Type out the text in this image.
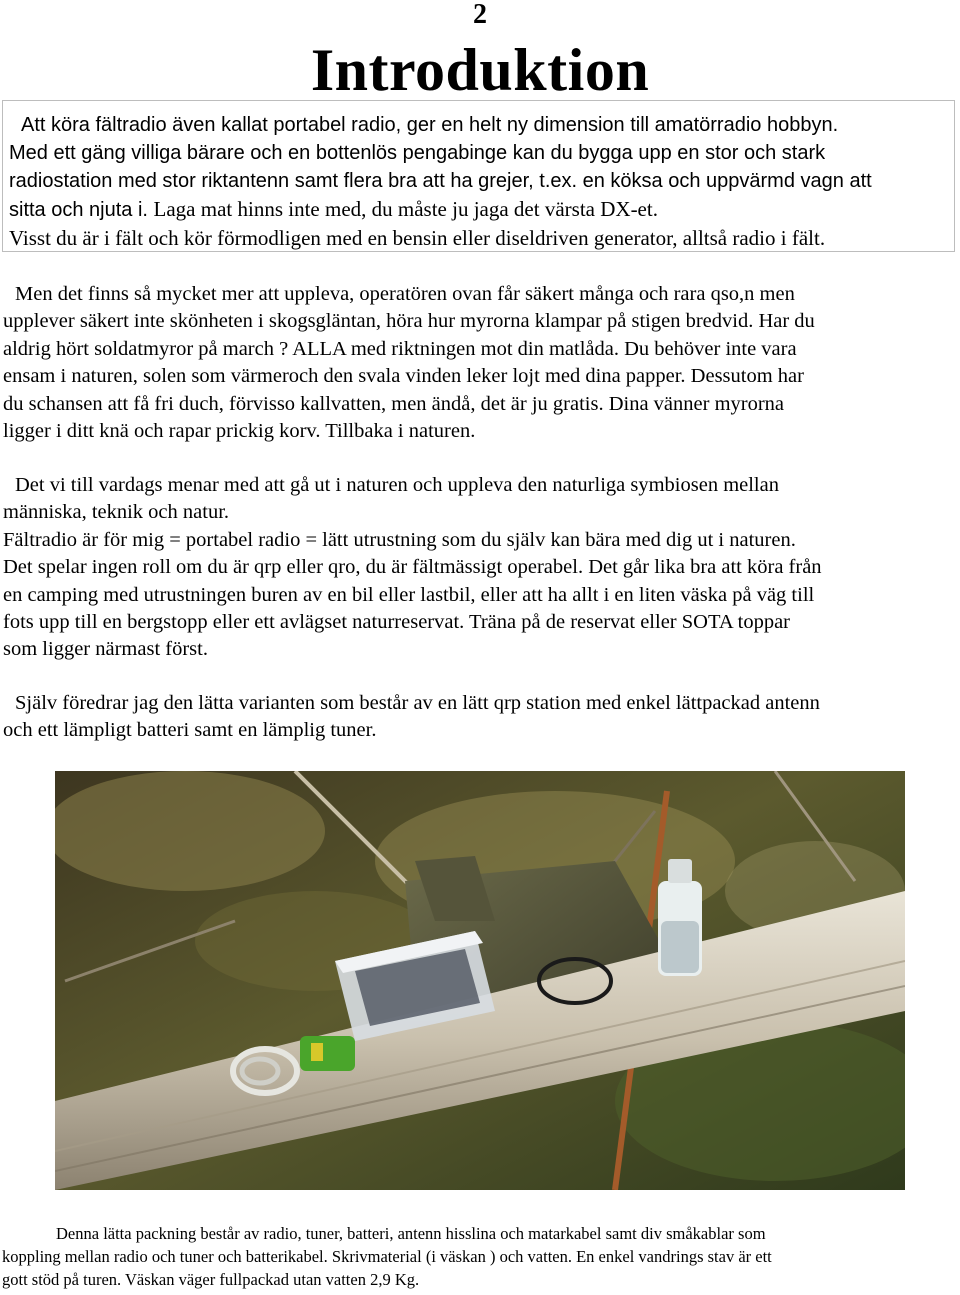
2
Introduktion

Att köra fältradio även kallat portabel radio, ger en helt ny dimension till amatörradio hobbyn.

Med ett gäng villiga bärare och en bottenlös pengabinge kan du bygga upp en stor och stark

radiostation med stor riktantenn samt flera bra att ha grejer, t.ex. en köksa och uppvärmd vagn att

sitta och njuta i. Laga mat hinns inte med, du måste ju jaga det värsta DX-et.

Visst du är i fält och kör förmodligen med en bensin eller diseldriven generator, alltså radio i fält.

Men det finns så mycket mer att uppleva, operatören ovan får säkert många och rara qso,n men

upplever säkert inte skönheten i skogsgläntan, höra hur myrorna klampar på stigen bredvid. Har du

aldrig hört soldatmyror på march ? ALLA med riktningen mot din matlåda. Du behöver inte vara

ensam i naturen, solen som värmeroch den svala vinden leker lojt med dina papper. Dessutom har

du schansen att få fri duch, förvisso kallvatten, men ändå, det är ju gratis. Dina vänner myrorna

ligger i ditt knä och rapar prickig korv. Tillbaka i naturen.

Det vi till vardags menar med att gå ut i naturen och uppleva den naturliga symbiosen mellan

människa, teknik och natur.

Fältradio är för mig = portabel radio = lätt utrustning som du själv kan bära med dig ut i naturen.

Det spelar ingen roll om du är qrp eller qro, du är fältmässigt operabel. Det går lika bra att köra från

en camping med utrustningen buren av en bil eller lastbil, eller att ha allt i en liten väska på väg till

fots upp till en bergstopp eller ett avlägset naturreservat. Träna på de reservat eller SOTA toppar

som ligger närmast först.

Själv föredrar jag den lätta varianten som består av en lätt qrp station med enkel lättpackad antenn

och ett lämpligt batteri samt en lämplig tuner.

Denna lätta packning består av radio, tuner, batteri, antenn hisslina och matarkabel samt div småkablar som

koppling mellan radio och tuner och batterikabel. Skrivmaterial (i väskan ) och vatten. En enkel vandrings stav är ett

gott stöd på turen. Väskan väger fullpackad utan vatten 2,9 Kg.
